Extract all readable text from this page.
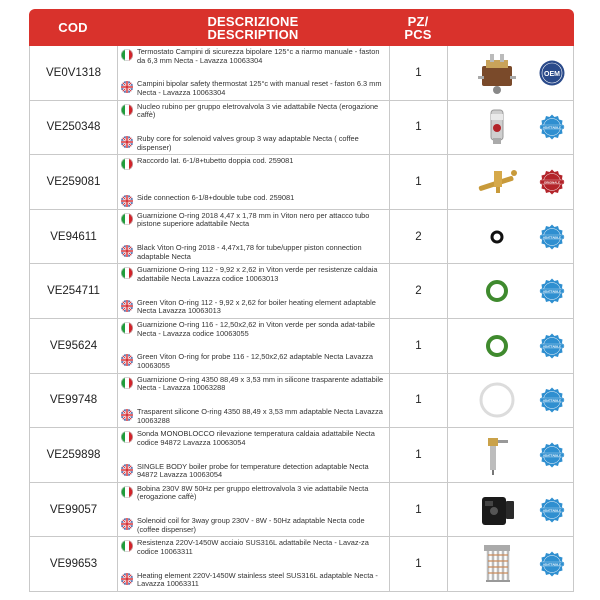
COD	DESCRIZIONE
DESCRIPTION
PZ/
PCS
VE0V1318
Termostato Campini di sicurezza bipolare 125°c a riarmo manuale - faston da 6,3 mm Necta - Lavazza 10063304
Campini bipolar safety thermostat 125°c with manual reset - faston 6.3 mm Necta - Lavazza 10063304
1	OEM
VE250348
Nucleo rubino per gruppo eletrovalvola 3 vie adattabile Necta (erogazione caffè)
Ruby core for solenoid valves group 3 way adaptable Necta ( coffee dispenser)
1	ADATTABILE
VE259081
Raccordo lat. 6-1/8+tubetto doppia cod. 259081
Side connection 6-1/8+double tube cod. 259081
1	ORIGINALE
VE94611
Guarnizione O-ring 2018 4,47 x 1,78 mm in Viton nero per attacco tubo pistone superiore adattabile Necta
Black Viton O-ring 2018 - 4,47x1,78 for tube/upper piston connection adaptable Necta
2	ADATTABILE
VE254711
Guarnizione O-ring 112 - 9,92 x 2,62 in Viton verde per resistenze caldaia adattabile Necta Lavazza codice 10063013
Green Viton O-ring 112 - 9,92 x 2,62 for boiler heating element adaptable Necta Lavazza 10063013
2	ADATTABILE
VE95624
Guarnizione O-ring 116 - 12,50x2,62 in Viton verde per sonda adat-tabile Necta - Lavazza codice 10063055
Green Viton O-ring for probe 116 - 12,50x2,62 adaptable Necta Lavazza 10063055
1	ADATTABILE
VE99748
Guarnizione O-ring 4350 88,49 x 3,53 mm in silicone trasparente adattabile Necta - Lavazza 10063288
Trasparent silicone O-ring 4350 88,49 x 3,53 mm adaptable Necta Lavazza 10063288
1	ADATTABILE
VE259898
Sonda MONOBLOCCO rilevazione temperatura caldaia adattabile Necta codice 94872 Lavazza 10063054
SINGLE BODY boiler probe for temperature detection adaptable Necta 94872 Lavazza 10063054
1	ADATTABILE
VE99057
Bobina 230V 8W 50Hz per gruppo elettrovalvola 3 vie adattabile Necta (erogazione caffè)
Solenoid coil for 3way group 230V - 8W - 50Hz adaptable Necta code (coffee dispenser)
1	ADATTABILE
VE99653
Resistenza 220V-1450W acciaio SUS316L adattabile Necta - Lavaz-za codice 10063311
Heating element 220V-1450W stainless steel SUS316L adaptable Necta - Lavazza 10063311
1	ADATTABILE
